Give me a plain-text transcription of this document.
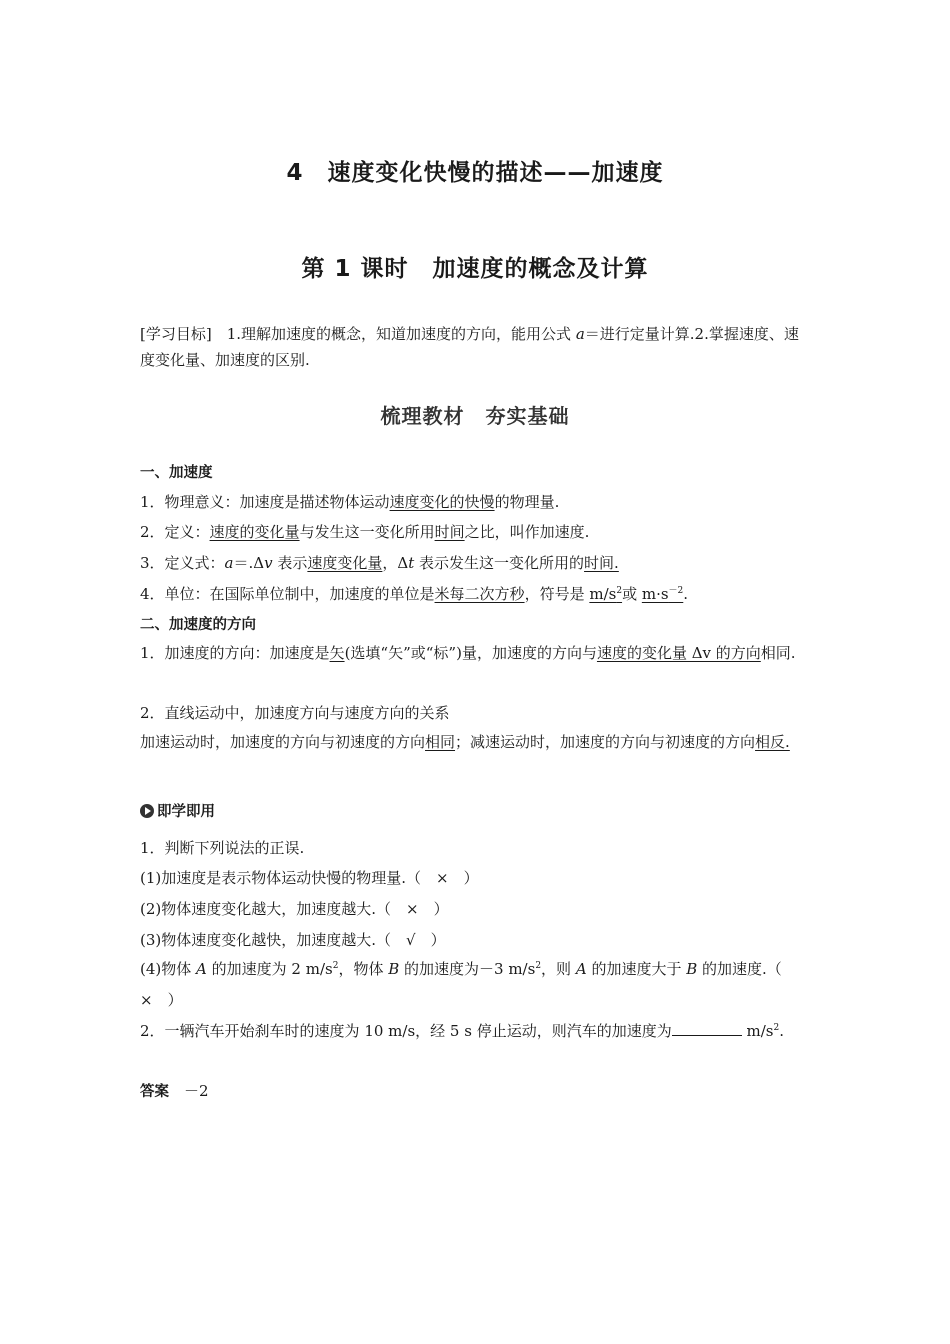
4　速度变化快慢的描述——加速度
第 1 课时　加速度的概念及计算
[学习目标]　 1.理解加速度的概念，知道加速度的方向，能用公式 a＝进行定量计算.2.掌握速度、速度变化量、加速度的区别.
梳理教材　夯实基础
一、加速度
1．物理意义：加速度是描述物体运动速度变化的快慢的物理量.
2．定义：速度的变化量与发生这一变化所用时间之比，叫作加速度.
3．定义式：a＝.Δv 表示速度变化量，Δt 表示发生这一变化所用的时间.
4．单位：在国际单位制中，加速度的单位是米每二次方秒，符号是 $m/s^2$或 $m\cdot s^{-2}$.
二、加速度的方向
1．加速度的方向：加速度是矢(选填“矢”或“标”)量，加速度的方向与速度的变化量 Δv 的方向相同.
2．直线运动中，加速度方向与速度方向的关系
加速运动时，加速度的方向与初速度的方向相同；减速运动时，加速度的方向与初速度的方向相反.
即学即用
1．判断下列说法的正误.
(1)加速度是表示物体运动快慢的物理量.（　×　）
(2)物体速度变化越大，加速度越大.（　×　）
(3)物体速度变化越快，加速度越大.（　√　）
(4)物体 A 的加速度为 2 $m/s^2$，物体 B 的加速度为－3 $m/s^2$，则 A 的加速度大于 B 的加速度.（　×　）
2．一辆汽车开始刹车时的速度为 10 m/s，经 5 s 停止运动，则汽车的加速度为	$m/s^2$.
答案　 －2
